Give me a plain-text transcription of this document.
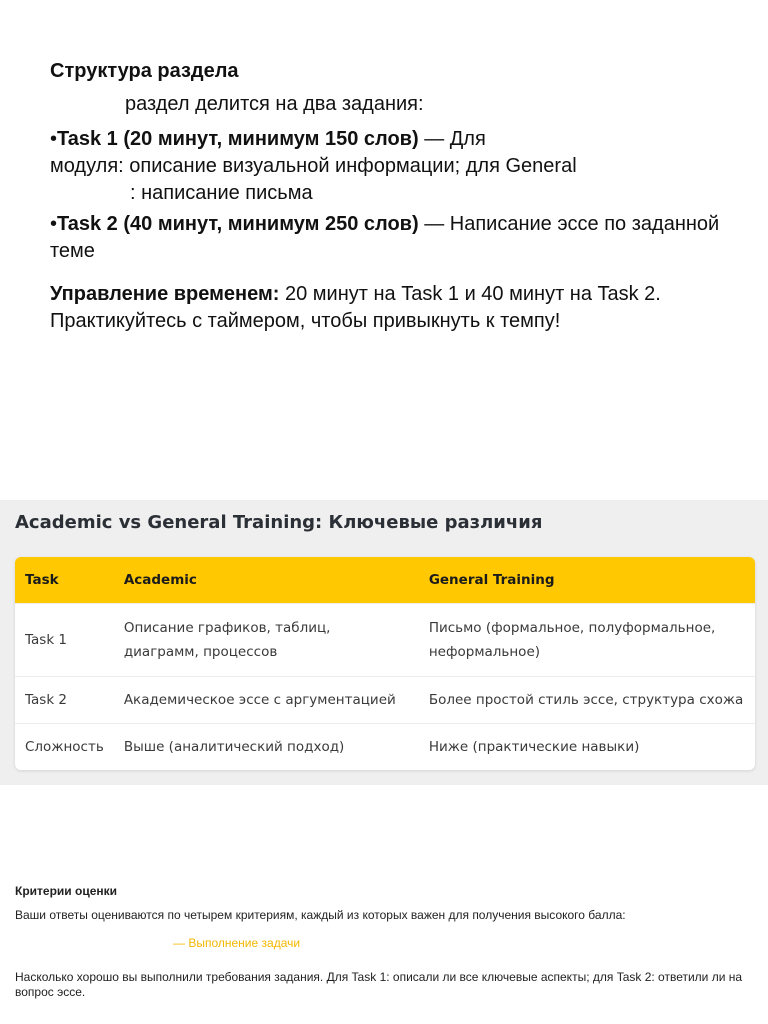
Структура раздела
раздел делится на два задания:
•Task 1 (20 минут, минимум 150 слов) — Для
модуля: описание визуальной информации; для General
: написание письма
•Task 2 (40 минут, минимум 250 слов) — Написание эссе по заданной теме
Управление временем: 20 минут на Task 1 и 40 минут на Task 2. Практикуйтесь с таймером, чтобы привыкнуть к темпу!
Academic vs General Training: Ключевые различия
Task	Academic	General Training
Task 1	Описание графиков, таблиц, диаграмм, процессов	Письмо (формальное, полуформальное, неформальное)
Task 2	Академическое эссе с аргументацией	Более простой стиль эссе, структура схожа
Сложность	Выше (аналитический подход)	Ниже (практические навыки)
Критерии оценки
Ваши ответы оцениваются по четырем критериям, каждый из которых важен для получения высокого балла:
— Выполнение задачи
Насколько хорошо вы выполнили требования задания. Для Task 1: описали ли все ключевые аспекты; для Task 2: ответили ли на вопрос эссе.
